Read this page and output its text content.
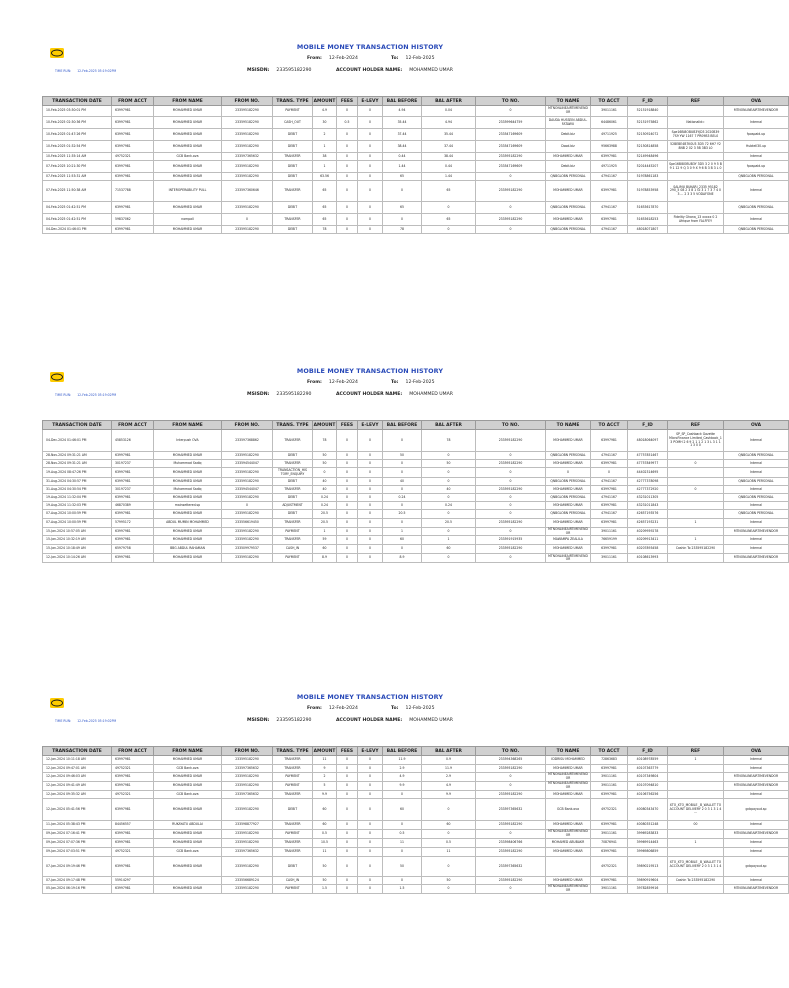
TIME RUN: 12-Feb-2025 05:19:02PM
MOBILE MONEY TRANSACTION HISTORY
From: 12-Feb-2024	To: 12-Feb-2025
MSISDN: 233595182290	ACCOUNT HOLDER NAME: MOHAMMED UMAR
TRANSACTION DATE	FROM ACCT	FROM NAME	FROM NO.	TRANS. TYPE	AMOUNT	FEES	E-LEVY	BAL BEFORE	BAL AFTER	TO NO.	TO NAME	TO ACCT	F_ID	REF	OVA
10-Feb-2025 03:30:01 PM	63997981	MOHAMMED UMAR	233595182290	PAYMENT	4.9	0	0	4.94	0.04	0	MTNONLINEAIRTIMEVENDOR	39011161	52151918840		MTNONLINEAIRTIMEVENDOR
10-Feb-2025 02:30:36 PM	63997981	MOHAMMED UMAR	233595182290	CASH_OUT	30	0.5	0	35.44	4.94	233599644759	DAUDA HUSSEIN ABDUL-FATAWU	64486061	52151975862	Nationalid=	Internal
10-Feb-2025 01:47:26 PM	63997981	MOHAMMED UMAR	233595182290	DEBIT	2	0	0	37.44	35.44	233547169609	Debit.biz	49711925	52150924072	Spe16BI8OBUB3YJD3 2020B39 7S9 YW 1167 7 PR09B3 BEL0	fpospaid.up
10-Feb-2025 01:32:54 PM	63997981	MOHAMMED UMAR	233595182290	DEBIT	1	0	0	38.44	37.44	233547169609	Dood.biz	95663988	52150814858	52BEBE4B7K0U3 3D5 72 6H7 Y2 8NB 2 02 3 5B 3B3 L0	Hubtell30.up
10-Feb-2025 11:35:14 AM	49752321	GCB Bank.ova	233597365632	TRANSFER	38	0	0	0.44	38.44	233595182290	MOHAMMED UMAR	63997981	52149948496		Internal
07-Feb-2025 10:21:30 PM	63997981	MOHAMMED UMAR	233595182290	DEBIT	1	0	0	1.44	0.44	233547169609	Debit.biz	49711925	52014445207	Spe16BI8OBUB3Y 3D5 3 2 0 9 5 B 9 1 12 9 Q 3 0 9 X 9 6 B 3 B 3 L 0	fpospaid.up
07-Feb-2025 11:53:31 AM	63997981	MOHAMMED UMAR	233595182290	DEBIT	63.56	0	0	65	1.44	0	QNBGLOBN PERSONAL	47941167	51978861183		QNBGLOBN PERSONAL
07-Feb-2025 11:50:38 AM	71537788	INTEROPERABILITY PULL	233597360646	TRANSFER	65	0	0	0	65	233595182290	MOHAMMED UMAR	63997981	51978853958	SALIMU BUKARI_2335 95182 290_5 08 2 3 8 1 Gl 3 1 7 3 7 4 0 3 ... 2 3 3 5 VODAFONE	Internal
04-Feb-2025 01:42:51 PM	63997981	MOHAMMED UMAR	233595182290	DEBIT	65	0	0	65	0	0	QNBGLOBN PERSONAL	47941167	51653617870		QNBGLOBN PERSONAL
04-Feb-2025 01:42:51 PM	59837062	nompall	0	TRANSFER	65	0	0	0	65	233595182290	MOHAMMED UMAR	63997981	51653618253	Fidelity Ghana_13 xxxxx 0 2 Afrique from FALFFEY	Internal
04-Dec-2024 01:46:01 PM	63997981	MOHAMMED UMAR	233595182290	DEBIT	78	0	0	78	0	0	QNBGLOBN PERSONAL	47941167	48018071807		QNBGLOBN PERSONAL
TIME RUN: 12-Feb-2025 05:19:02PM
MOBILE MONEY TRANSACTION HISTORY
From: 12-Feb-2024	To: 12-Feb-2025
MSISDN: 233595182290	ACCOUNT HOLDER NAME: MOHAMMED UMAR
TRANSACTION DATE	FROM ACCT	FROM NAME	FROM NO.	TRANS. TYPE	AMOUNT	FEES	E-LEVY	BAL BEFORE	BAL AFTER	TO NO.	TO NAME	TO ACCT	F_ID	REF	OVA
04-Dec-2024 01:46:01 PM	45853126	Interpush OVA	233597368862	TRANSFER	78	0	0	0	78	233595182290	MOHAMMED UMAR	63997981	48018064097	SP_SP_Cashback Gazette MicroFinance Limited_Cashback_1 3 POMH 2 6 9 2 1 1 2 1 3 L 3 1 1 1 3 0 0	Internal
28-Nov-2024 09:31:21 AM	63997981	MOHAMMED UMAR	233595182290	DEBIT	50	0	0	50	0	0	QNBGLOBN PERSONAL	47941167	47757851467		QNBGLOBN PERSONAL
28-Nov-2024 09:31:21 AM	30197237	Muhammad Sadiq	233594544047	TRANSFER	50	0	0	0	50	233595182290	MOHAMMED UMAR	63997981	47757849977	0	Internal
19-Aug-2024 08:47:26 PM	63997981	MOHAMMED UMAR	233595182290	TRANSACTION_HIS TORY_ENQUIRY	0	0	0	0	0	0	0	0	44402314695		Internal
31-Aug-2024 04:30:57 PM	63997981	MOHAMMED UMAR	233595182290	DEBIT	40	0	0	40	0	0	QNBGLOBN PERSONAL	47941167	42777378098		QNBGLOBN PERSONAL
31-Aug-2024 04:30:54 PM	30197237	Muhammad Sadiq	233594544047	TRANSFER	40	0	0	0	40	233595182290	MOHAMMED UMAR	63997981	42777372920	0	Internal
19-Aug-2024 11:32:04 PM	63997981	MOHAMMED UMAR	233595182290	DEBIT	0.24	0	0	0.24	0	0	QNBGLOBN PERSONAL	47941167	43231011305		QNBGLOBN PERSONAL
19-Aug-2024 11:32:03 PM	46870389	mainsettered.sp	0	ADJUSTMENT	0.24	0	0	0	0.24	0	MOHAMMED UMAR	63997981	43231011843		Internal
07-Aug-2024 10:00:59 PM	63997981	MOHAMMED UMAR	233595182290	DEBIT	20.5	0	0	20.5	0	0	QNBGLOBN PERSONAL	47941167	42657193576		QNBGLOBN PERSONAL
07-Aug-2024 10:00:59 PM	57995172	ABDUL MUMIN MOHAMMED	233556619450	TRANSFER	20.5	0	0	0	20.5	233595182290	MOHAMMED UMAR	63997981	42657193231	1	Internal
15-Jan-2024 10:57:05 AM	63997981	MOHAMMED UMAR	233595182290	PAYMENT	1	0	0	1	0	0	MTNONLINEAIRTIMEVENDOR	39011161	40209959278		MTNONLINEAIRTIMEVENDOR
15-Jan-2024 10:32:19 AM	63997981	MOHAMMED UMAR	233595182290	TRANSFER	59	0	0	60	1	233591915935	MAWAMPA ZEALILA	76659199	40209913411	1	Internal
15-Jan-2024 10:18:49 AM	65979758	BBG ABDUL RAHAMAN	233509979537	CASH_IN	60	0	0	0	60	233595182290	MOHAMMED UMAR	63997981	40207893458	Cashin To 233595182290	Internal
12-Jan-2024 10:14:26 AM	63997981	MOHAMMED UMAR	233595182290	PAYMENT	8.9	0	0	8.9	0	0	MTNONLINEAIRTIMEVENDOR	39011161	40108613993		MTNONLINEAIRTIMEVENDOR
TIME RUN: 12-Feb-2025 05:19:02PM
MOBILE MONEY TRANSACTION HISTORY
From: 12-Feb-2024	To: 12-Feb-2025
MSISDN: 233595182290	ACCOUNT HOLDER NAME: MOHAMMED UMAR
TRANSACTION DATE	FROM ACCT	FROM NAME	FROM NO.	TRANS. TYPE	AMOUNT	FEES	E-LEVY	BAL BEFORE	BAL AFTER	TO NO.	TO NAME	TO ACCT	F_ID	REF	OVA
12-Jan-2024 10:11:18 AM	63997981	MOHAMMED UMAR	233595182290	TRANSFER	11	0	0	11.9	0.9	233594368265	IDDRISU MOHAMMED	72863683	40108978559	1	Internal
12-Jan-2024 09:47:01 AM	49752321	GCB Bank.ova	233597365632	TRANSFER	9	0	0	2.9	11.9	233595182290	MOHAMMED UMAR	63997981	40107363779		Internal
12-Jan-2024 09:46:03 AM	63997981	MOHAMMED UMAR	233595182290	PAYMENT	2	0	0	4.9	2.9	0	MTNONLINEAIRTIMEVENDOR	39011161	40107349804		MTNONLINEAIRTIMEVENDOR
12-Jan-2024 09:41:49 AM	63997981	MOHAMMED UMAR	233595182290	PAYMENT	5	0	0	9.9	4.9	0	MTNONLINEAIRTIMEVENDOR	39011161	40107094810		MTNONLINEAIRTIMEVENDOR
12-Jan-2024 09:35:32 AM	49752321	GCB Bank.ova	233597365632	TRANSFER	9.9	0	0	0	9.9	233595182290	MOHAMMED UMAR	63997981	40106756256		Internal
12-Jan-2024 05:41:56 PM	63997981	MOHAMMED UMAR	233595182290	DEBIT	60	0	0	60	0	233597365632	GCB Bank.ova	49752321	40080343470	XTO_XTO_MOBILE _B_WALLET TO ACCOUNT DELIVERY 2 0 3 1 3 1 4 ...	gcbpayout.sp
11-Jan-2024 05:38:43 PM	84456557	RUKAYATU ABDULAI	233598877927	TRANSFER	60	0	0	0	60	233595182290	MOHAMMED UMAR	63997981	40080351248	00	Internal
09-Jan-2024 07:16:41 PM	63997981	MOHAMMED UMAR	233595182290	PAYMENT	0.5	0	0	0.5	0	0	MTNONLINEAIRTIMEVENDOR	39011161	39969283833		MTNONLINEAIRTIMEVENDOR
09-Jan-2024 07:07:36 PM	63997981	MOHAMMED UMAR	233595182290	TRANSFER	10.5	0	0	11	0.5	233598406766	MOHAMED ABUBAKR	70876941	39969914463	1	Internal
09-Jan-2024 07:03:51 PM	49752321	GCB Bank.ova	233597365632	TRANSFER	11	0	0	0	11	233595182290	MOHAMMED UMAR	63997981	39969806859		Internal
07-Jan-2024 09:19:46 PM	63997981	MOHAMMED UMAR	233595182290	DEBIT	50	0	0	50	0	233597365632		49752321	39890219513	XTO_XTO_MOBILE _B_WALLET TO ACCOUNT DELIVERY 2 0 3 1 3 1 4 ...	gcbpayout.sp
07-Jan-2024 09:17:48 PM	55914297		233556689124	CASH_IN	50	0	0	0	50	233595182290	MOHAMMED UMAR	63997981	39890919604	Cashin To 233595182290	Internal
05-Jan-2024 06:19:16 PM	63997981	MOHAMMED UMAR	233595182290	PAYMENT	1.5	0	0	1.5	0	0	MTNONLINEAIRTIMEVENDOR	39011161	39782859916		MTNONLINEAIRTIMEVENDOR
